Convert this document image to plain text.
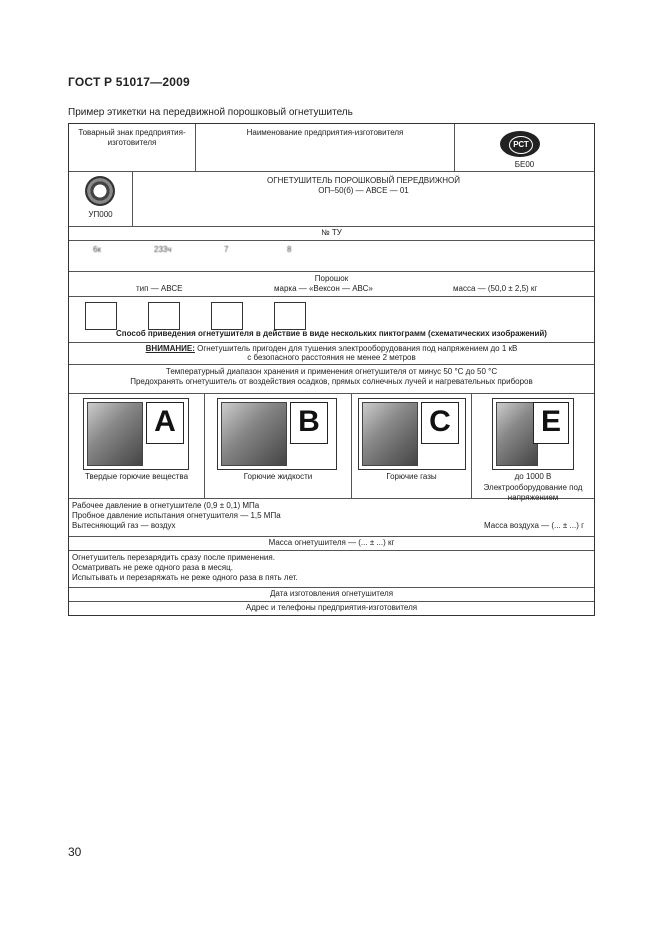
ГОСТ Р 51017—2009
Пример этикетки на передвижной порошковый огнетушитель
Товарный знак предприятия-изготовителя
Наименование предприятия-изготовителя
РСТ
БЕ00
УП000
ОГНЕТУШИТЕЛЬ ПОРОШКОВЫЙ ПЕРЕДВИЖНОЙ
ОП–50(б) — АВСЕ — 01
№ ТУ
6к	233ч	7	8
Порошок
тип — АВСЕ	марка — «Вексон — АВС»	масса — (50,0 ± 2,5) кг
Способ приведения огнетушителя в действие в виде нескольких пиктограмм (схематических изображений)
ВНИМАНИЕ: Огнетушитель пригоден для тушения электрооборудования под напряжением до 1 кВ
с безопасного расстояния не менее 2 метров
Температурный диапазон хранения и применения огнетушителя от минус 50 °С до 50 °С
Предохранять огнетушитель от воздействия осадков, прямых солнечных лучей и нагревательных приборов
A
Твердые горючие вещества
B
Горючие жидкости
C
Горючие газы
E
до 1000 В
Электрооборудование под напряжением
Рабочее давление в огнетушителе (0,9 ± 0,1) МПа
Пробное давление испытания огнетушителя — 1,5 МПа
Вытесняющий газ — воздух	Масса воздуха — (... ± ...) г
Масса огнетушителя — (... ± ...) кг
Огнетушитель перезарядить сразу после применения.
Осматривать не реже одного раза в месяц.
Испытывать и перезаряжать не реже одного раза в пять лет.
Дата изготовления огнетушителя
Адрес и телефоны предприятия-изготовителя
30
